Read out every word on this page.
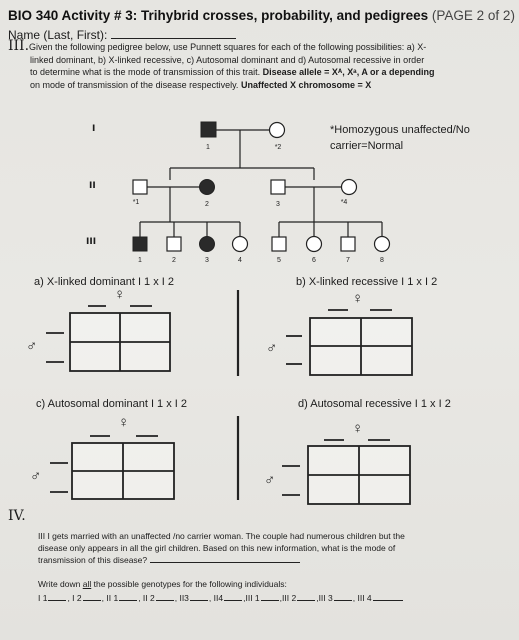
BIO 340 Activity # 3: Trihybrid crosses, probability, and pedigrees (PAGE 2 of 2)
Name (Last, First):
III.Given the following pedigree below, use Punnett squares for each of the following possibilities: a) X-
linked dominant, b) X-linked recessive, c) Autosomal dominant and d) Autosomal recessive in order
to determine what is the mode of transmission of this trait. Disease allele = Xᴬ, Xᵃ, A or a depending
on mode of transmission of the disease respectively. Unaffected X chromosome = X
I
II
III
1	*2
*1	2	3	*4
1	2	3	4	5	6	7	8
*Homozygous unaffected/No
carrier=Normal
a) X-linked dominant I 1 x I 2	b) X-linked recessive I 1 x I 2
c) Autosomal dominant I 1 x I 2	d) Autosomal recessive I 1 x I 2
♀
♂
♀
♂
♀
♂
♀
♂
IV.
III I gets married with an unaffected /no carrier woman. The couple had numerous children but the
disease only appears in all the girl children. Based on this new information, what is the mode of
transmission of this disease?
Write down all the possible genotypes for the following individuals:
I 1 , I 2 , II 1 , II 2 , II3 , II4 ,III 1 ,III 2 ,III 3 , III 4
